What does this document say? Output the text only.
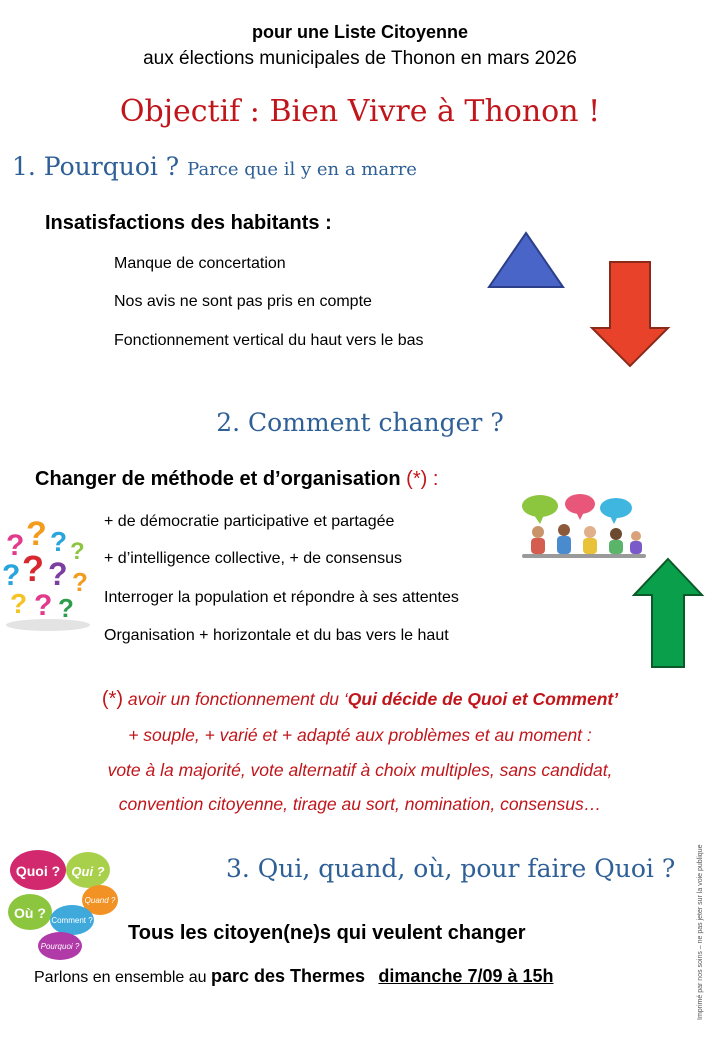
pour une Liste Citoyenne
aux élections municipales de Thonon en mars 2026
Objectif : Bien Vivre à Thonon !
1. Pourquoi ? Parce que il y en a marre
Insatisfactions des habitants :
Manque de concertation
Nos avis ne sont pas pris en compte
Fonctionnement vertical du haut vers le bas
2. Comment changer ?
Changer de méthode et d’organisation (*) :
+ de démocratie participative et partagée
+ d’intelligence collective, + de consensus
Interroger la population et répondre à ses attentes
Organisation + horizontale et du bas vers le haut
? ? ? ?
? ? ? ?
? ? ?
(*) avoir un fonctionnement du ‘Qui décide de Quoi et Comment’
+ souple, + varié et + adapté aux problèmes et au moment :
vote à la majorité, vote alternatif à choix multiples, sans candidat,
convention citoyenne, tirage au sort, nomination, consensus…
Quoi ? Qui ?
Quand ?
Où ? Comment ?
Pourquoi ?
3. Qui, quand, où, pour faire Quoi ?
Tous les citoyen(ne)s qui veulent changer
Parlons en ensemble au parc des Thermes dimanche 7/09 à 15h	Imprimé par nos soins – ne pas jeter sur la voie publique
